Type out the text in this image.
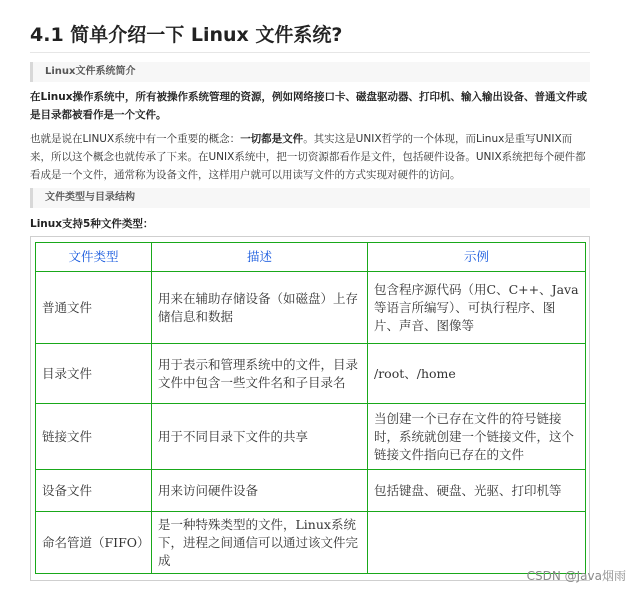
4.1 简单介绍一下 Linux 文件系统?
Linux文件系统简介

在Linux操作系统中，所有被操作系统管理的资源，例如网络接口卡、磁盘驱动器、打印机、输入输出设备、普通文件或是目录都被看作是一个文件。

也就是说在LINUX系统中有一个重要的概念：一切都是文件。其实这是UNIX哲学的一个体现，而Linux是重写UNIX而来，所以这个概念也就传承了下来。在UNIX系统中，把一切资源都看作是文件，包括硬件设备。UNIX系统把每个硬件都看成是一个文件，通常称为设备文件，这样用户就可以用读写文件的方式实现对硬件的访问。

文件类型与目录结构
Linux支持5种文件类型：
文件类型	描述	示例
普通文件	用来在辅助存储设备（如磁盘）上存储信息和数据	包含程序源代码（用C、C++、Java等语言所编写）、可执行程序、图片、声音、图像等
目录文件	用于表示和管理系统中的文件，目录文件中包含一些文件名和子目录名	/root、/home
链接文件	用于不同目录下文件的共享	当创建一个已存在文件的符号链接时，系统就创建一个链接文件，这个链接文件指向已存在的文件
设备文件	用来访问硬件设备	包括键盘、硬盘、光驱、打印机等
命名管道（FIFO）	是一种特殊类型的文件，Linux系统下，进程之间通信可以通过该文件完成	
CSDN @Java烟雨
